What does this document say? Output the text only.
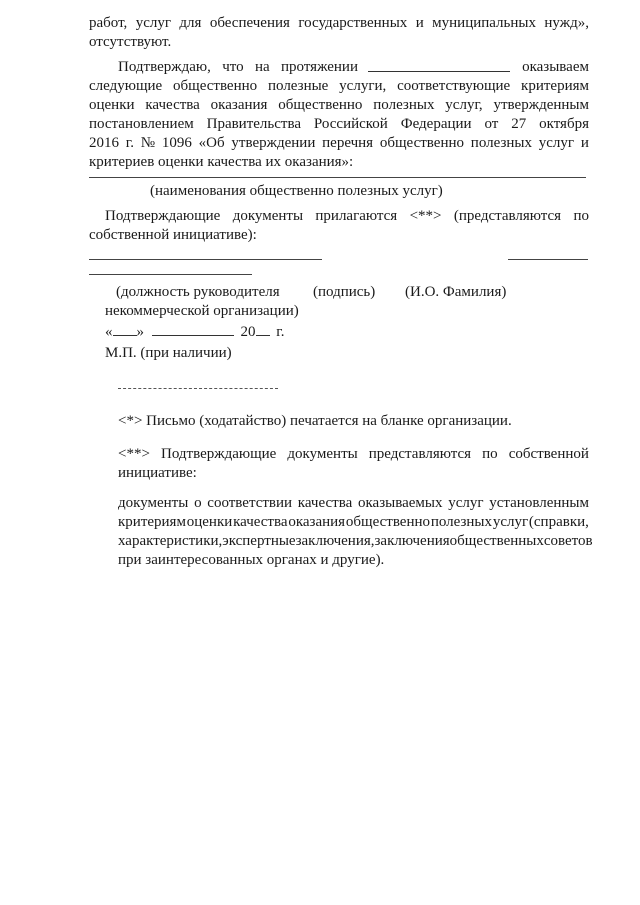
работ, услуг для обеспечения государственных и муниципальных нужд»,
отсутствуют.
Подтверждаю, что на протяжении	оказываем
следующие общественно полезные услуги, соответствующие критериям
оценки качества оказания общественно полезных услуг, утвержденным
постановлением Правительства Российской Федерации от 27 октября
2016 г. № 1096 «Об утверждении перечня общественно полезных услуг и
критериев оценки качества их оказания»:
(наименования общественно полезных услуг)
Подтверждающие документы прилагаются <**> (представляются по
собственной инициативе):
(должность руководителя (подпись) (И.О. Фамилия)
некоммерческой организации)
« »	20 г.
М.П. (при наличии)
<*> Письмо (ходатайство) печатается на бланке организации.
<**> Подтверждающие документы представляются по собственной
инициативе:
документы о соответствии качества оказываемых услуг установленным
критериям оценки качества оказания общественно полезных услуг (справки,
характеристики, экспертные заключения, заключения общественных советов
при заинтересованных органах и другие).
